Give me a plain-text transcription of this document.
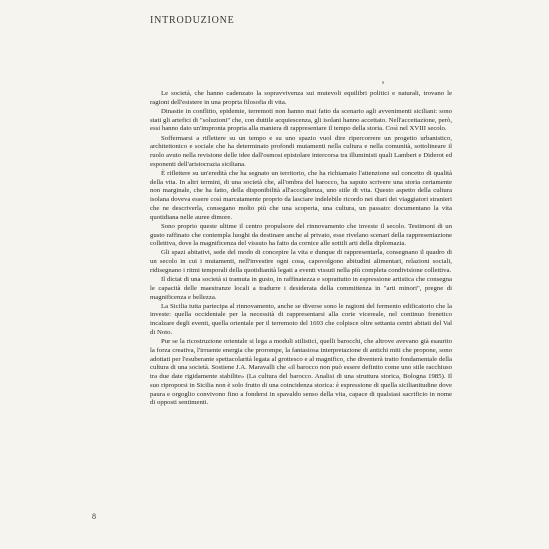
INTRODUZIONE
s

Le società, che hanno cadenzato la sopravvivenza sui mutevoli equilibri politici e naturali, trovano le ragioni dell'esistere in una propria filosofia di vita.

Dinastie in conflitto, epidemie, terremoti non hanno mai fatto da scenario agli avvenimenti siciliani: sono stati gli artefici di "soluzioni" che, con duttile acquiescenza, gli isolani hanno accettato. Nell'accettazione, però, essi hanno dato un'impronta propria alla maniera di rappresentare il tempo della storia. Così nel XVIII secolo.

Soffermarsi a riflettere su un tempo e su uno spazio vuol dire ripercorrere un progetto urbanistico, architettonico e sociale che ha determinato profondi mutamenti nella cultura e nella comunità, sottolineare il ruolo avuto nella revisione delle idee dall'osmosi epistolare intercorsa tra illuministi quali Lambert e Diderot ed esponenti dell'aristocrazia siciliana.

È riflettere su un'eredità che ha segnato un territorio, che ha richiamato l'attenzione sul concetto di qualità della vita. In altri termini, di una società che, all'ombra del barocco, ha saputo scrivere una storia certamente non marginale, che ha fatto, della disponibilità all'accoglienza, uno stile di vita. Questo aspetto della cultura isolana doveva essere così marcatamente proprio da lasciare indelebile ricordo nei diari dei viaggiatori stranieri che ne descriverla, consegano molto più che una scoperta, una cultura, un passato: documentano la vita quotidiana nelle auree dimore.

Sono proprio queste ultime il centro propulsore del rinnovamento che investe il secolo. Testimoni di un gusto raffinato che contempla luoghi da destinare anche al privato, esse rivelano scenari della rappresentazione collettiva, dove la magnificenza del vissuto ha fatto da cornice alle sottili arti della diplomazia.

Gli spazi abitativi, sede del modo di concepire la vita e dunque di rappresentarla, consegnano il quadro di un secolo in cui i mutamenti, nell'investire ogni cosa, capovolgono abitudini alimentari, relazioni sociali, ridisegnano i ritmi temporali della quotidianità legati a eventi vissuti nella più completa condivisione collettiva.

Il dictat di una società si tramuta in gusto, in raffinatezza e soprattutto in espressione artistica che consegna le capacità delle maestranze locali a tradurre i desiderata della committenza in "arti minori", pregne di magnificenza e bellezza.

La Sicilia tutta partecipa al rinnovamento, anche se diverse sono le ragioni del fermento edificatorio che la investe: quella occidentale per la necessità di rappresentarsi alla corte vicereale, nel continuo frenetico incalzare degli eventi, quella orientale per il terremoto del 1693 che colpisce oltre settanta centri abitati del Val di Noto.

Pur se la ricostruzione orientale si lega a moduli stilistici, quelli barocchi, che altrove avevano già esaurito la forza creativa, l'irruente energia che prorompe, la fantasiosa interpretazione di antichi miti che propone, sono adottati per l'esuberante spettacolarità legata al grottesco e al magnifico, che diventerà tratto fondamentale della cultura di una società. Sostiene J.A. Maravalli che «il barocco non può essere definito come uno stile racchiuso tra due date rigidamente stabilite» (La cultura del barocco. Analisi di una struttura storica, Bologna 1985). Il suo riproporsi in Sicilia non è solo frutto di una coincidenza storica: è espressione di quella sicilianitudine dove paura e orgoglio convivono fino a fondersi in spavaldo senso della vita, capace di qualsiasi sacrificio in nome di opposti sentimenti.

8
